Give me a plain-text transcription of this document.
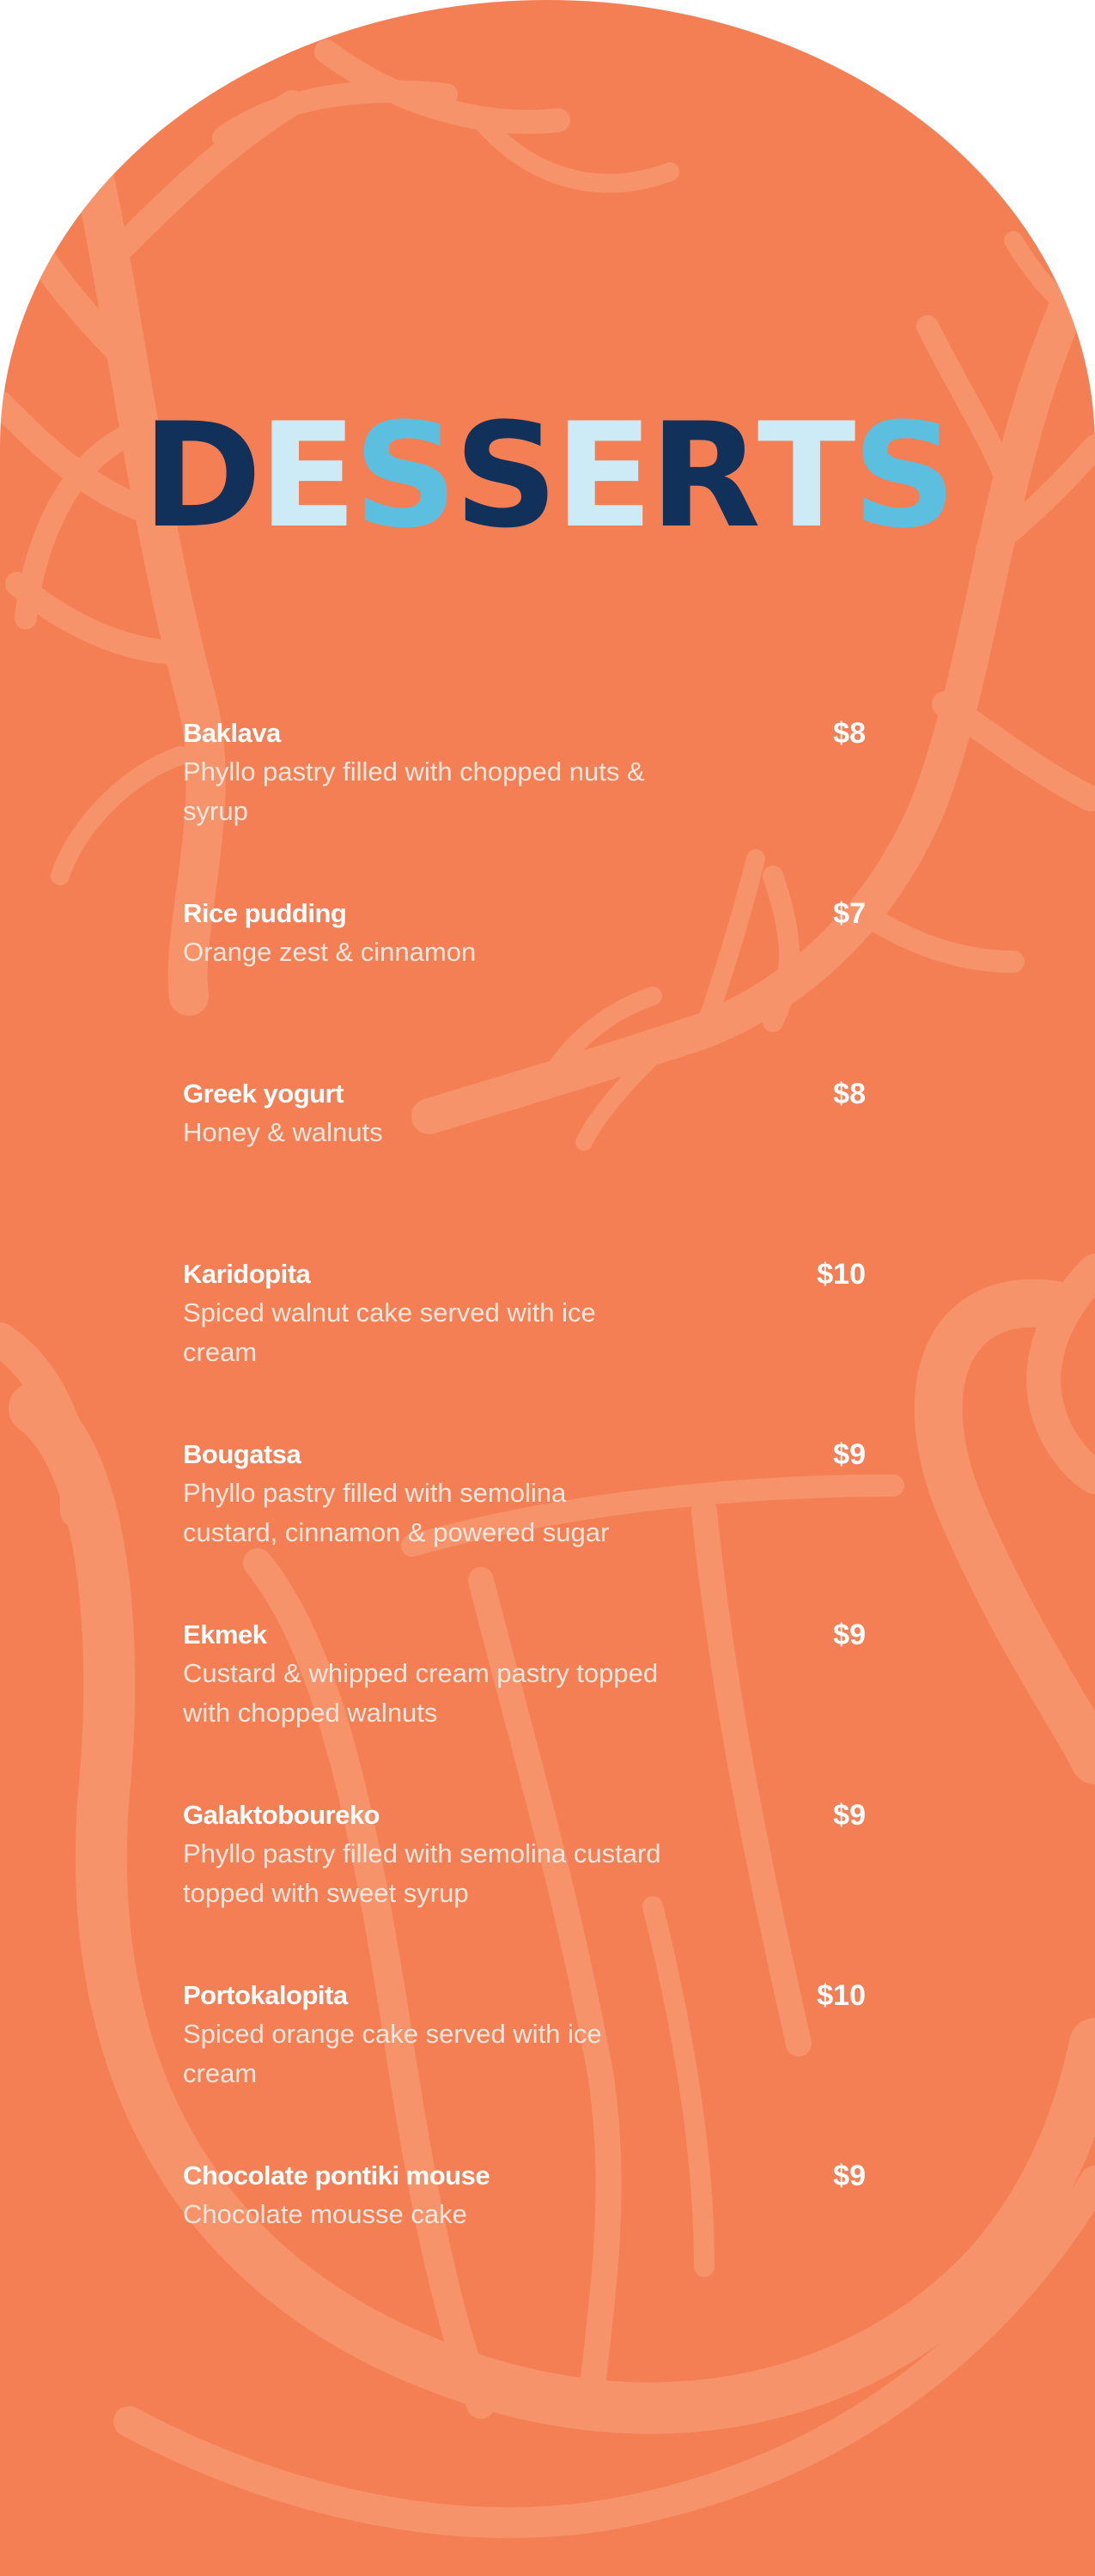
DESSERTS
Baklava	$8
Phyllo pastry filled with chopped nuts & syrup
Rice pudding	$7
Orange zest & cinnamon
Greek yogurt	$8
Honey & walnuts
Karidopita	$10
Spiced walnut cake served with ice cream
Bougatsa	$9
Phyllo pastry filled with semolina custard, cinnamon & powered sugar
Ekmek	$9
Custard & whipped cream pastry topped with chopped walnuts
Galaktoboureko	$9
Phyllo pastry filled with semolina custard topped with sweet syrup
Portokalopita	$10
Spiced orange cake served with ice cream
Chocolate pontiki mouse	$9
Chocolate mousse cake
